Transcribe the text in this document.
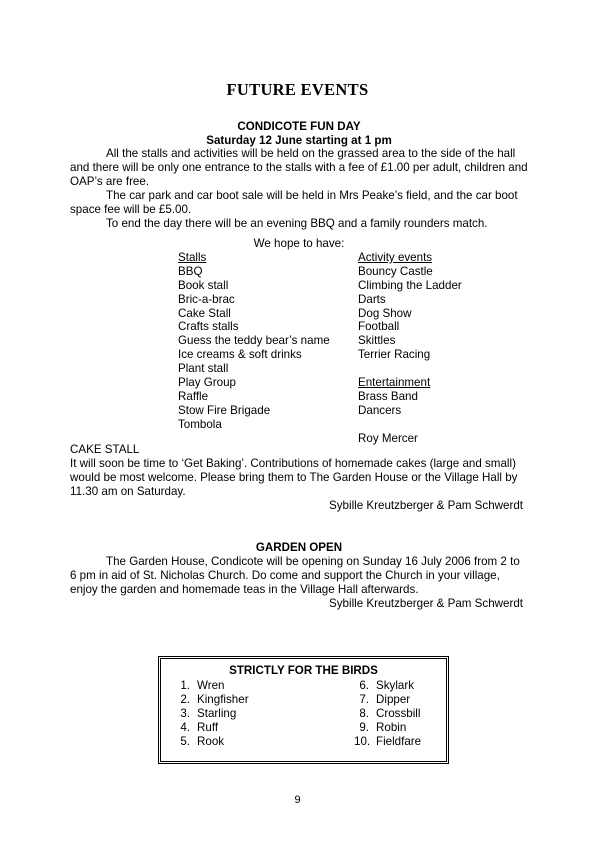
FUTURE EVENTS
CONDICOTE FUN DAY
Saturday 12 June starting at 1 pm

All the stalls and activities will be held on the grassed area to the side of the hall and there will be only one entrance to the stalls with a fee of £1.00 per adult, children and OAP’s are free.

The car park and car boot sale will be held in Mrs Peake’s field, and the car boot space fee will be £5.00.

To end the day there will be an evening BBQ and a family rounders match.

We hope to have:
Stalls
BBQ
Book stall
Bric-a-brac
Cake Stall
Crafts stalls
Guess the teddy bear’s name
Ice creams & soft drinks
Plant stall
Play Group
Raffle
Stow Fire Brigade
Tombola
Activity events
Bouncy Castle
Climbing the Ladder
Darts
Dog Show
Football
Skittles
Terrier Racing
Entertainment
Brass Band
Dancers
Roy Mercer
CAKE STALL
It will soon be time to ‘Get Baking’. Contributions of homemade cakes (large and small) would be most welcome. Please bring them to The Garden House or the Village Hall by 11.30 am on Saturday.
Sybille Kreutzberger & Pam Schwerdt
GARDEN OPEN

The Garden House, Condicote will be opening on Sunday 16 July 2006 from 2 to 6 pm in aid of St. Nicholas Church. Do come and support the Church in your village, enjoy the garden and homemade teas in the Village Hall afterwards.

Sybille Kreutzberger & Pam Schwerdt
STRICTLY FOR THE BIRDS
1. Wren
2. Kingfisher
3. Starling
4. Ruff
5. Rook
6. Skylark
7. Dipper
8. Crossbill
9. Robin
10. Fieldfare
9
